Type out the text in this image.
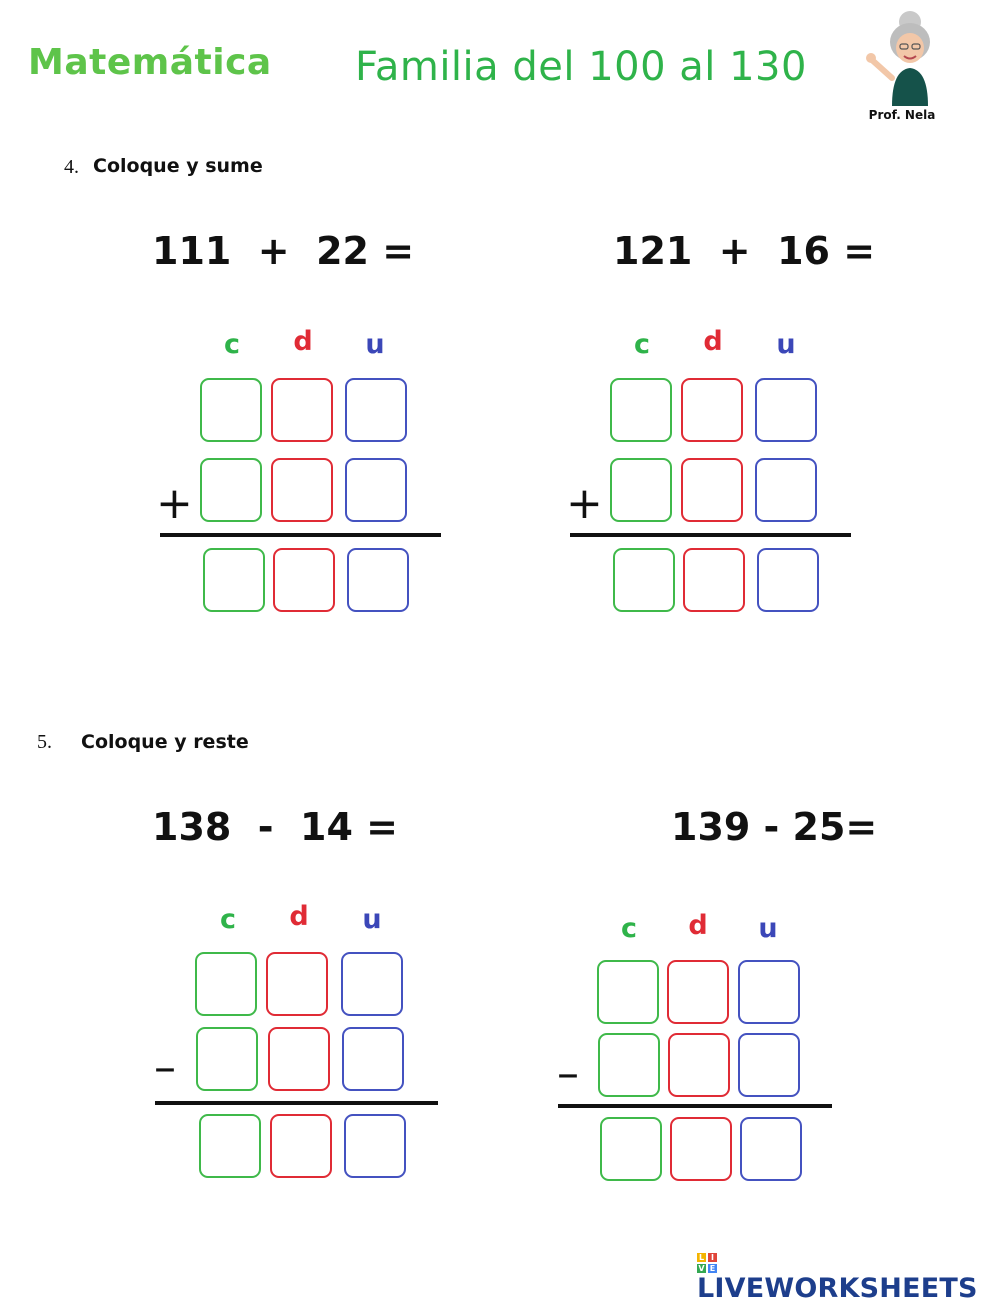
Matemática Familia del 100 al 130
Prof. Nela
4. Coloque y sume
111  +  22 =	121  +  16 =
c d u
+
c d u
+
5. Coloque y reste
138  -  14 =	139 - 25=
c d u
–
c d u
–
L I
V E
LIVEWORKSHEETS
